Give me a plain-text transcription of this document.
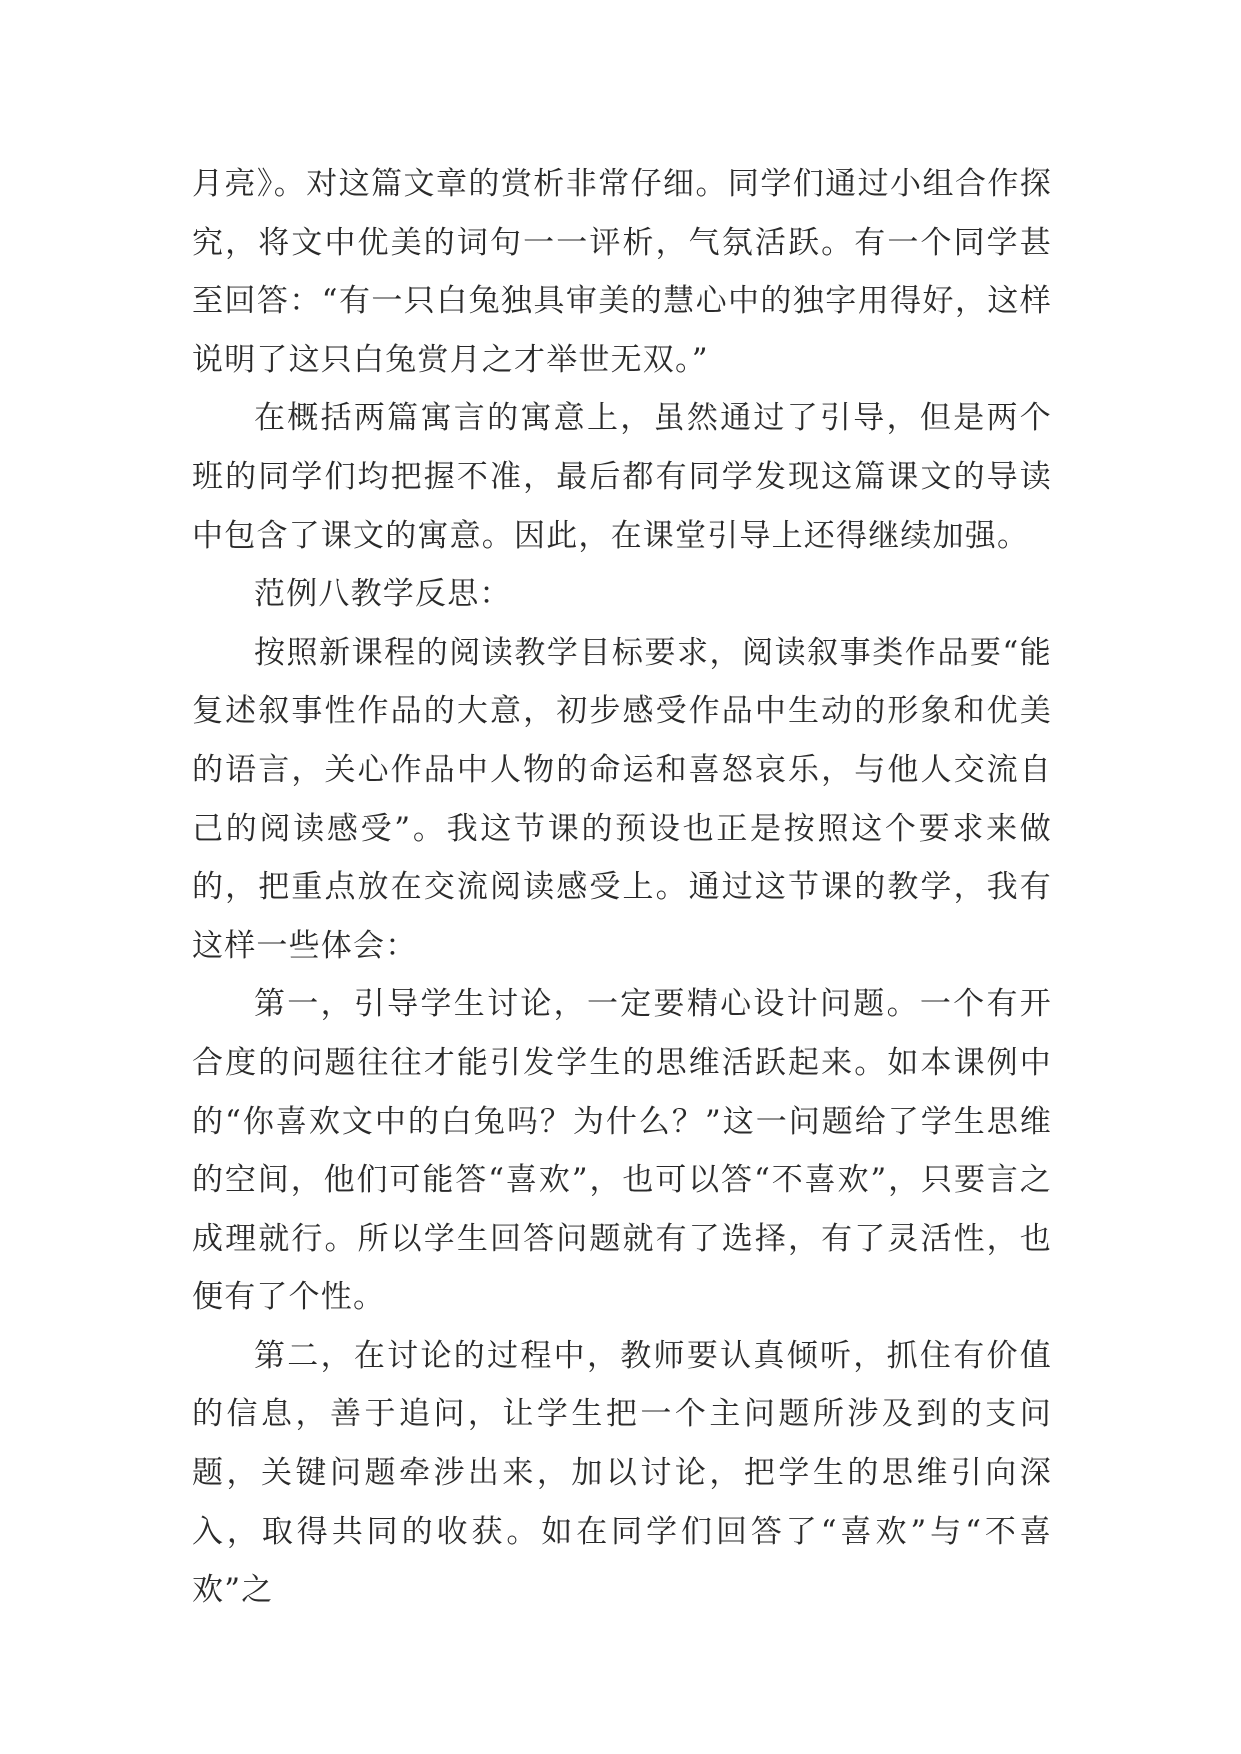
月亮》。对这篇文章的赏析非常仔细。同学们通过小组合作探究，将文中优美的词句一一评析，气氛活跃。有一个同学甚至回答：“有一只白兔独具审美的慧心中的独字用得好，这样说明了这只白兔赏月之才举世无双。”

在概括两篇寓言的寓意上，虽然通过了引导，但是两个班的同学们均把握不准，最后都有同学发现这篇课文的导读中包含了课文的寓意。因此，在课堂引导上还得继续加强。

范例八教学反思：

按照新课程的阅读教学目标要求，阅读叙事类作品要“能复述叙事性作品的大意，初步感受作品中生动的形象和优美的语言，关心作品中人物的命运和喜怒哀乐，与他人交流自己的阅读感受”。我这节课的预设也正是按照这个要求来做的，把重点放在交流阅读感受上。通过这节课的教学，我有这样一些体会：

第一，引导学生讨论，一定要精心设计问题。一个有开合度的问题往往才能引发学生的思维活跃起来。如本课例中的“你喜欢文中的白兔吗？为什么？”这一问题给了学生思维的空间，他们可能答“喜欢”，也可以答“不喜欢”，只要言之成理就行。所以学生回答问题就有了选择，有了灵活性，也便有了个性。

第二，在讨论的过程中，教师要认真倾听，抓住有价值的信息，善于追问，让学生把一个主问题所涉及到的支问题，关键问题牵涉出来，加以讨论，把学生的思维引向深入，取得共同的收获。如在同学们回答了“喜欢”与“不喜欢”之
